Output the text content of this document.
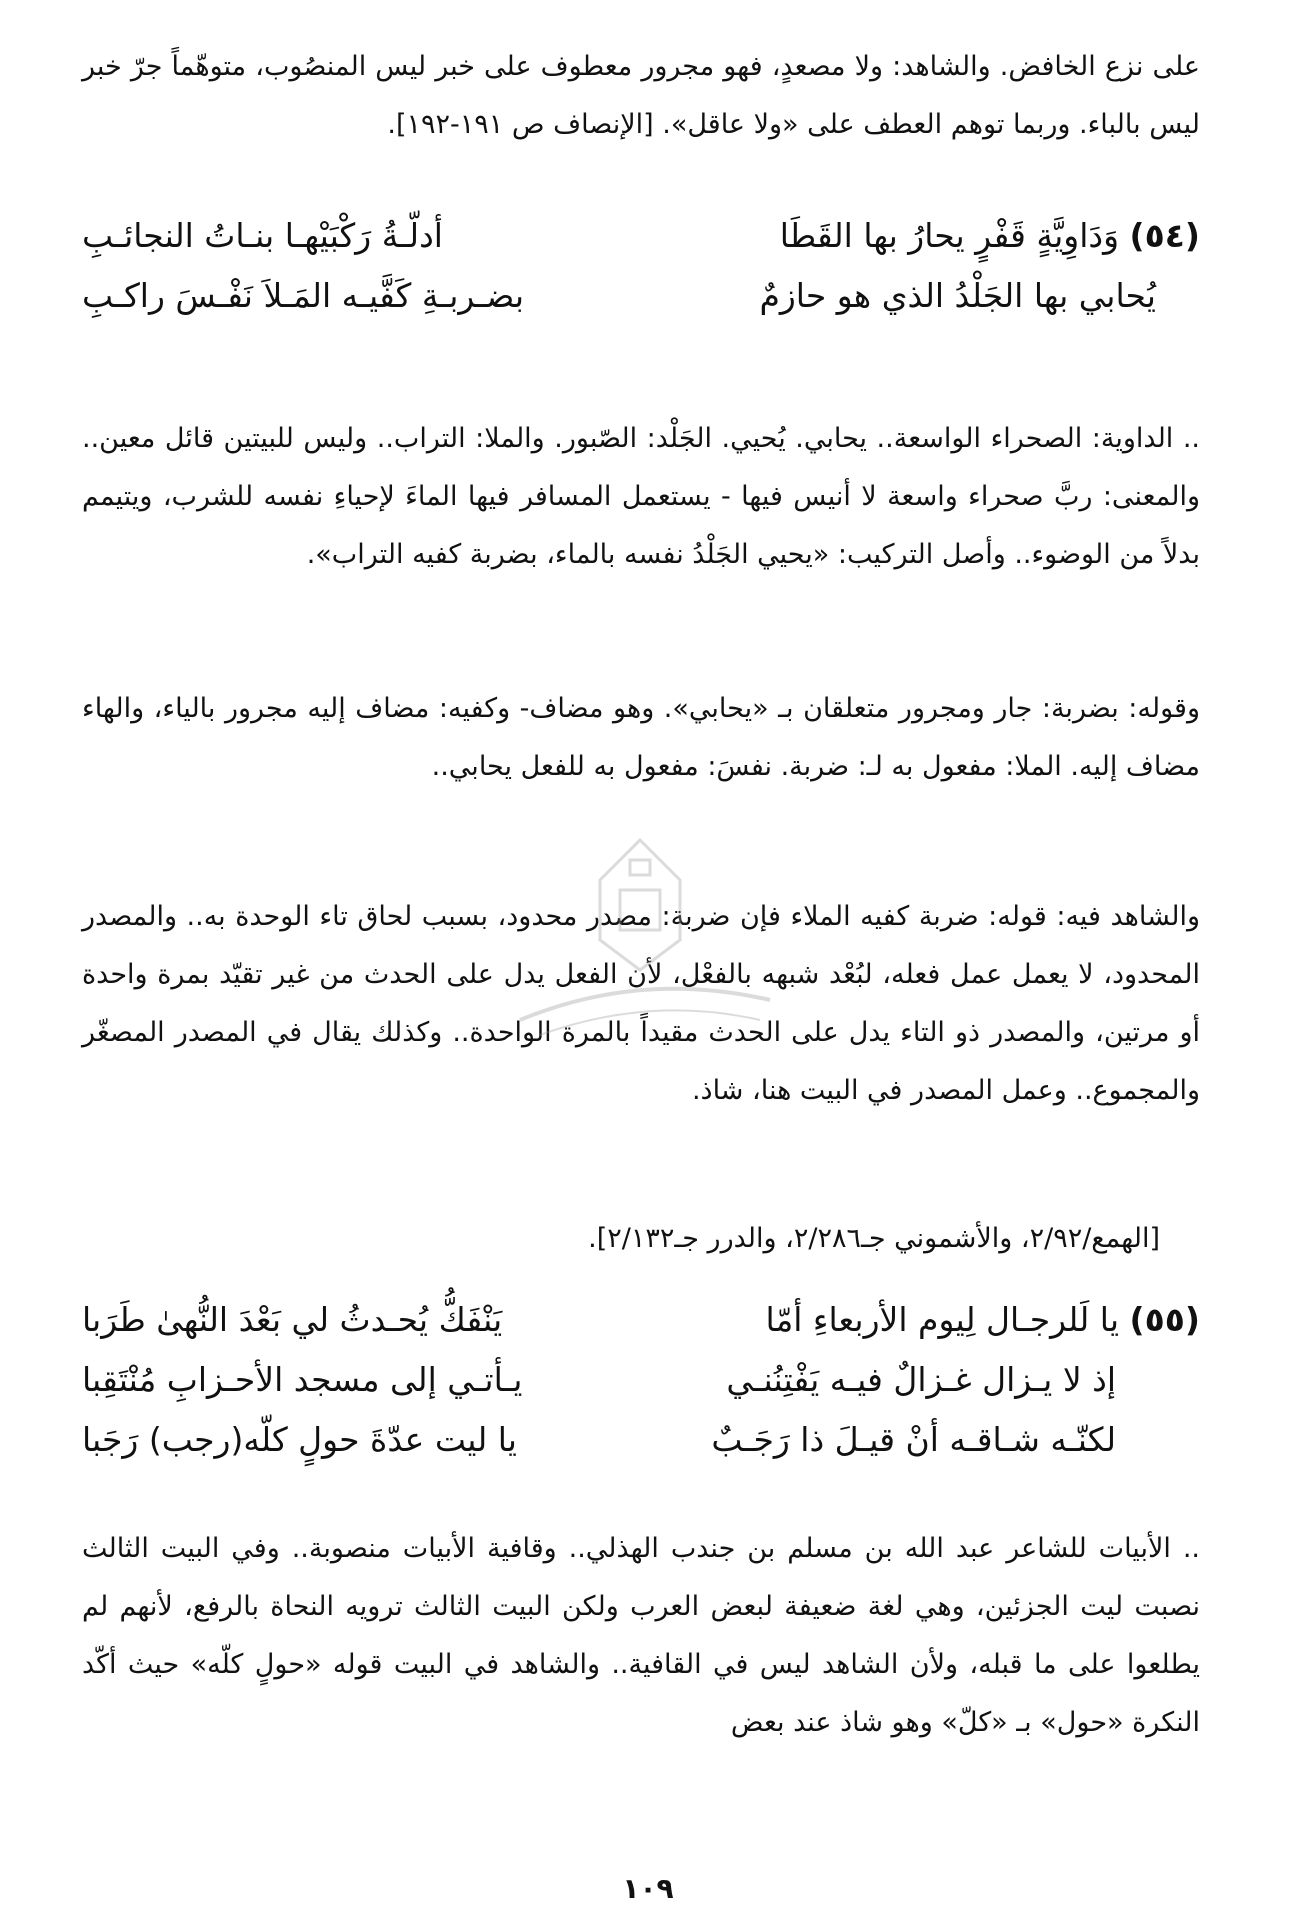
على نزع الخافض. والشاهد: ولا مصعدٍ، فهو مجرور معطوف على خبر ليس المنصُوب، متوهّماً جرّ خبر ليس بالباء. وربما توهم العطف على «ولا عاقل». [الإنصاف ص ١٩١-١٩٢].

(٥٤) وَدَاوِيَّةٍ قَفْرٍ يحارُ بها القَطَا
أدلّـةُ رَكْبَيْهـا بنـاتُ النجائـبِ
يُحابي بها الجَلْدُ الذي هو حازمٌ
بضـربـةِ كَفَّيـه المَـلاَ نَفْـسَ راكـبِ

.. الداوية: الصحراء الواسعة.. يحابي. يُحيي. الجَلْد: الصّبور. والملا: التراب.. وليس للبيتين قائل معين.. والمعنى: ربَّ صحراء واسعة لا أنيس فيها - يستعمل المسافر فيها الماءَ لإحياءِ نفسه للشرب، ويتيمم بدلاً من الوضوء.. وأصل التركيب: «يحيي الجَلْدُ نفسه بالماء، بضربة كفيه التراب».

وقوله: بضربة: جار ومجرور متعلقان بـ «يحابي». وهو مضاف- وكفيه: مضاف إليه مجرور بالياء، والهاء مضاف إليه. الملا: مفعول به لـ: ضربة. نفسَ: مفعول به للفعل يحابي..

والشاهد فيه: قوله: ضربة كفيه الملاء فإن ضربة: مصدر محدود، بسبب لحاق تاء الوحدة به.. والمصدر المحدود، لا يعمل عمل فعله، لبُعْد شبهه بالفعْل، لأن الفعل يدل على الحدث من غير تقيّد بمرة واحدة أو مرتين، والمصدر ذو التاء يدل على الحدث مقيداً بالمرة الواحدة.. وكذلك يقال في المصدر المصغّر والمجموع.. وعمل المصدر في البيت هنا، شاذ.

[الهمع/٢/٩٢، والأشموني جـ٢/٢٨٦، والدرر جـ٢/١٣٢].
(٥٥) يا لَلرجـال لِيوم الأربعاءِ أمّا
يَنْفَكُّ يُحـدثُ لي بَعْدَ النُّهىٰ طَرَبا
إذ لا يـزال غـزالٌ فيـه يَفْتِنُنـي
يـأتـي إلى مسجد الأحـزابِ مُنْتَقِبا
لكنّـه شـاقـه أنْ قيـلَ ذا رَجَـبٌ
يا ليت عدّةَ حولٍ كلّه(رجب) رَجَبا

.. الأبيات للشاعر عبد الله بن مسلم بن جندب الهذلي.. وقافية الأبيات منصوبة.. وفي البيت الثالث نصبت ليت الجزئين، وهي لغة ضعيفة لبعض العرب ولكن البيت الثالث ترويه النحاة بالرفع، لأنهم لم يطلعوا على ما قبله، ولأن الشاهد ليس في القافية.. والشاهد في البيت قوله «حولٍ كلّه» حيث أكّد النكرة «حول» بـ «كلّ» وهو شاذ عند بعض

١٠٩
